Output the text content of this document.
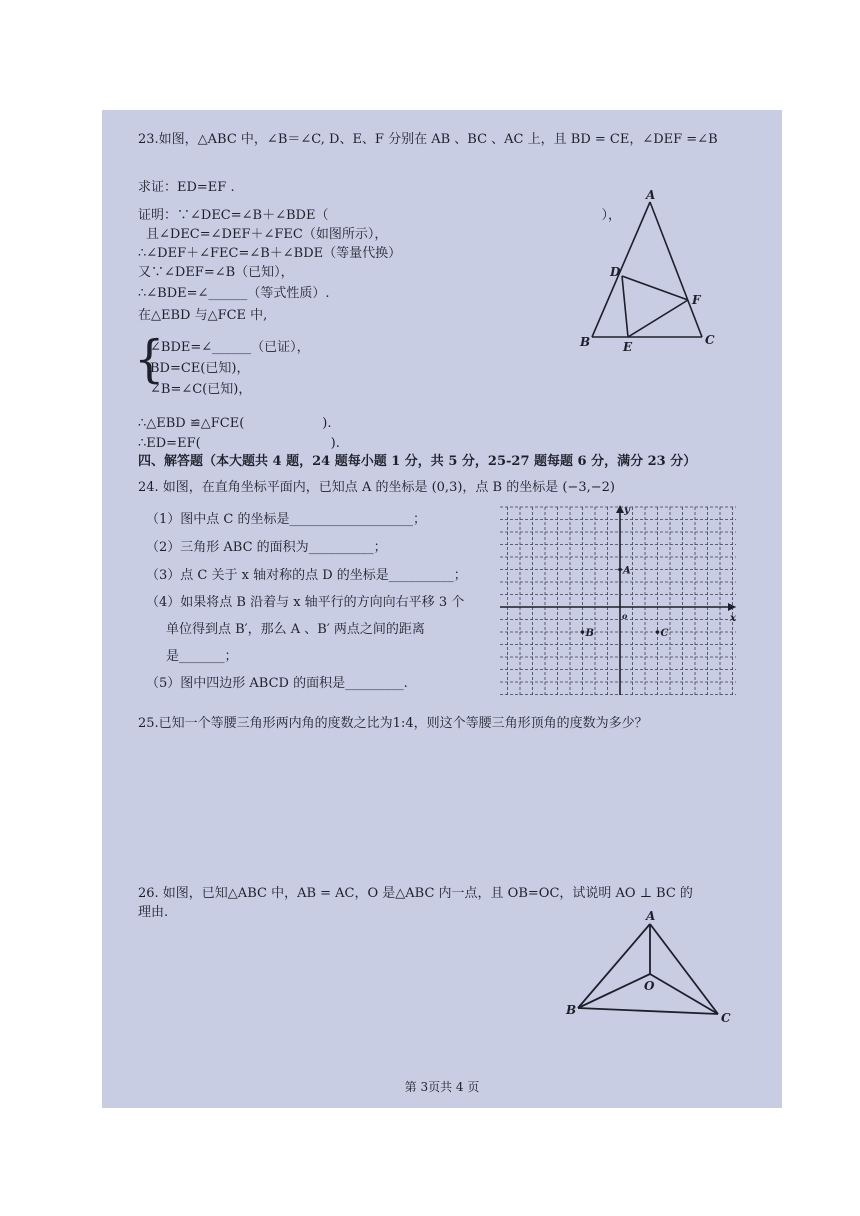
23.如图，△ABC 中，∠B＝∠C, D、E、F 分别在 AB 、BC 、AC 上，且 BD = CE，∠DEF =∠B
求证：ED=EF .
证明：∵∠DEC=∠B＋∠BDE（　　　　　　　　　　　　　　　　　　　　　），
且∠DEC=∠DEF＋∠FEC（如图所示），
∴∠DEF＋∠FEC=∠B＋∠BDE（等量代换）
又∵∠DEF=∠B（已知），
∴∠BDE=∠______（等式性质）.
在△EBD 与△FCE 中,
{
∠BDE=∠______（已证），
BD=CE(已知)，
∠B=∠C(已知)，
∴△EBD ≌△FCE(　　　　　　).
∴ED=EF(　　　　　　　　　　).
A
B	C
D
E
F
四、解答题（本大题共 4 题，24 题每小题 1 分，共 5 分，25-27 题每题 6 分，满分 23 分）
24. 如图，在直角坐标平面内，已知点 A 的坐标是 (0,3)，点 B 的坐标是 (−3,−2)
（1）图中点 C 的坐标是___________________；
（2）三角形 ABC 的面积为__________；
（3）点 C 关于 x 轴对称的点 D 的坐标是__________；
（4）如果将点 B 沿着与 x 轴平行的方向向右平移 3 个
单位得到点 B′，那么 A 、B′ 两点之间的距离
是_______；
（5）图中四边形 ABCD 的面积是_________.
x
y
o
A
B	C
25.已知一个等腰三角形两内角的度数之比为1:4，则这个等腰三角形顶角的度数为多少？
26. 如图，已知△ABC 中，AB = AC，O 是△ABC 内一点，且 OB=OC，试说明 AO ⊥ BC 的
理由.	A
B
C
O
第 3页共 4 页
